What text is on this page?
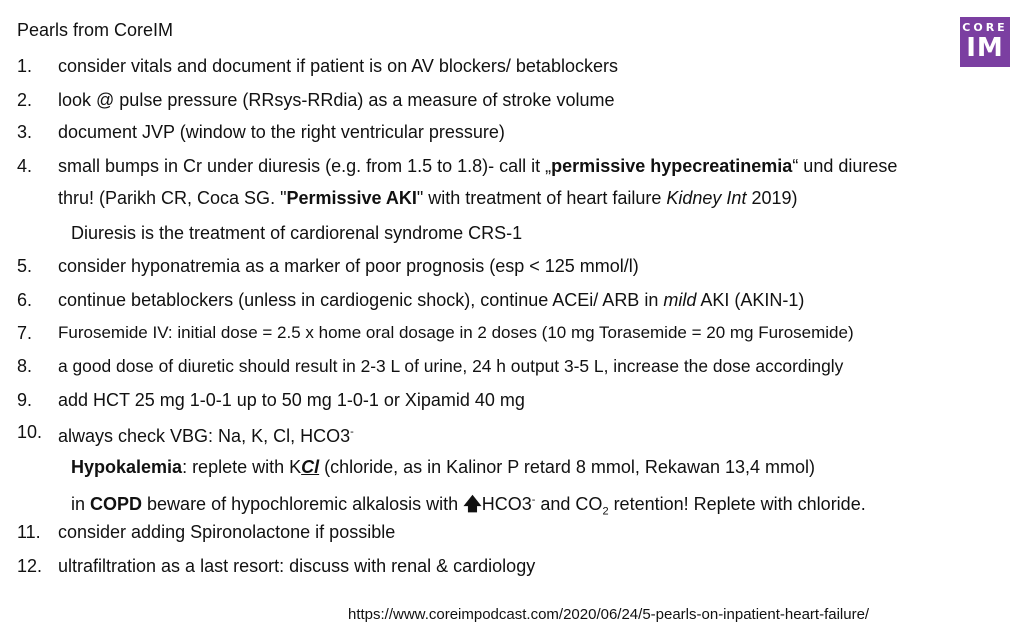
Pearls from CoreIM	CORE
IM
1. consider vitals and document if patient is on AV blockers/ betablockers
2. look @ pulse pressure (RRsys-RRdia) as a measure of stroke volume
3. document JVP (window to the right ventricular pressure)
4. small bumps in Cr under diuresis (e.g. from 1.5 to 1.8)- call it „permissive hypecreatinemia“ und diurese
thru! (Parikh CR, Coca SG. "Permissive AKI" with treatment of heart failure Kidney Int 2019)
Diuresis is the treatment of cardiorenal syndrome CRS-1
5. consider hyponatremia as a marker of poor prognosis (esp < 125 mmol/l)
6. continue betablockers (unless in cardiogenic shock), continue ACEi/ ARB in mild AKI (AKIN-1)
7. Furosemide IV: initial dose = 2.5 x home oral dosage in 2 doses (10 mg Torasemide = 20 mg Furosemide)
8. a good dose of diuretic should result in 2-3 L of urine, 24 h output 3-5 L, increase the dose accordingly
9. add HCT 25 mg 1-0-1 up to 50 mg 1-0-1 or Xipamid 40 mg
10. always check VBG: Na, K, Cl, HCO3-
Hypokalemia: replete with KCl (chloride, as in Kalinor P retard 8 mmol, Rekawan 13,4 mmol)
in COPD beware of hypochloremic alkalosis with 🡅HCO3- and $CO_2$ retention! Replete with chloride.
11. consider adding Spironolactone if possible
12. ultrafiltration as a last resort: discuss with renal & cardiology
https://www.coreimpodcast.com/2020/06/24/5-pearls-on-inpatient-heart-failure/
